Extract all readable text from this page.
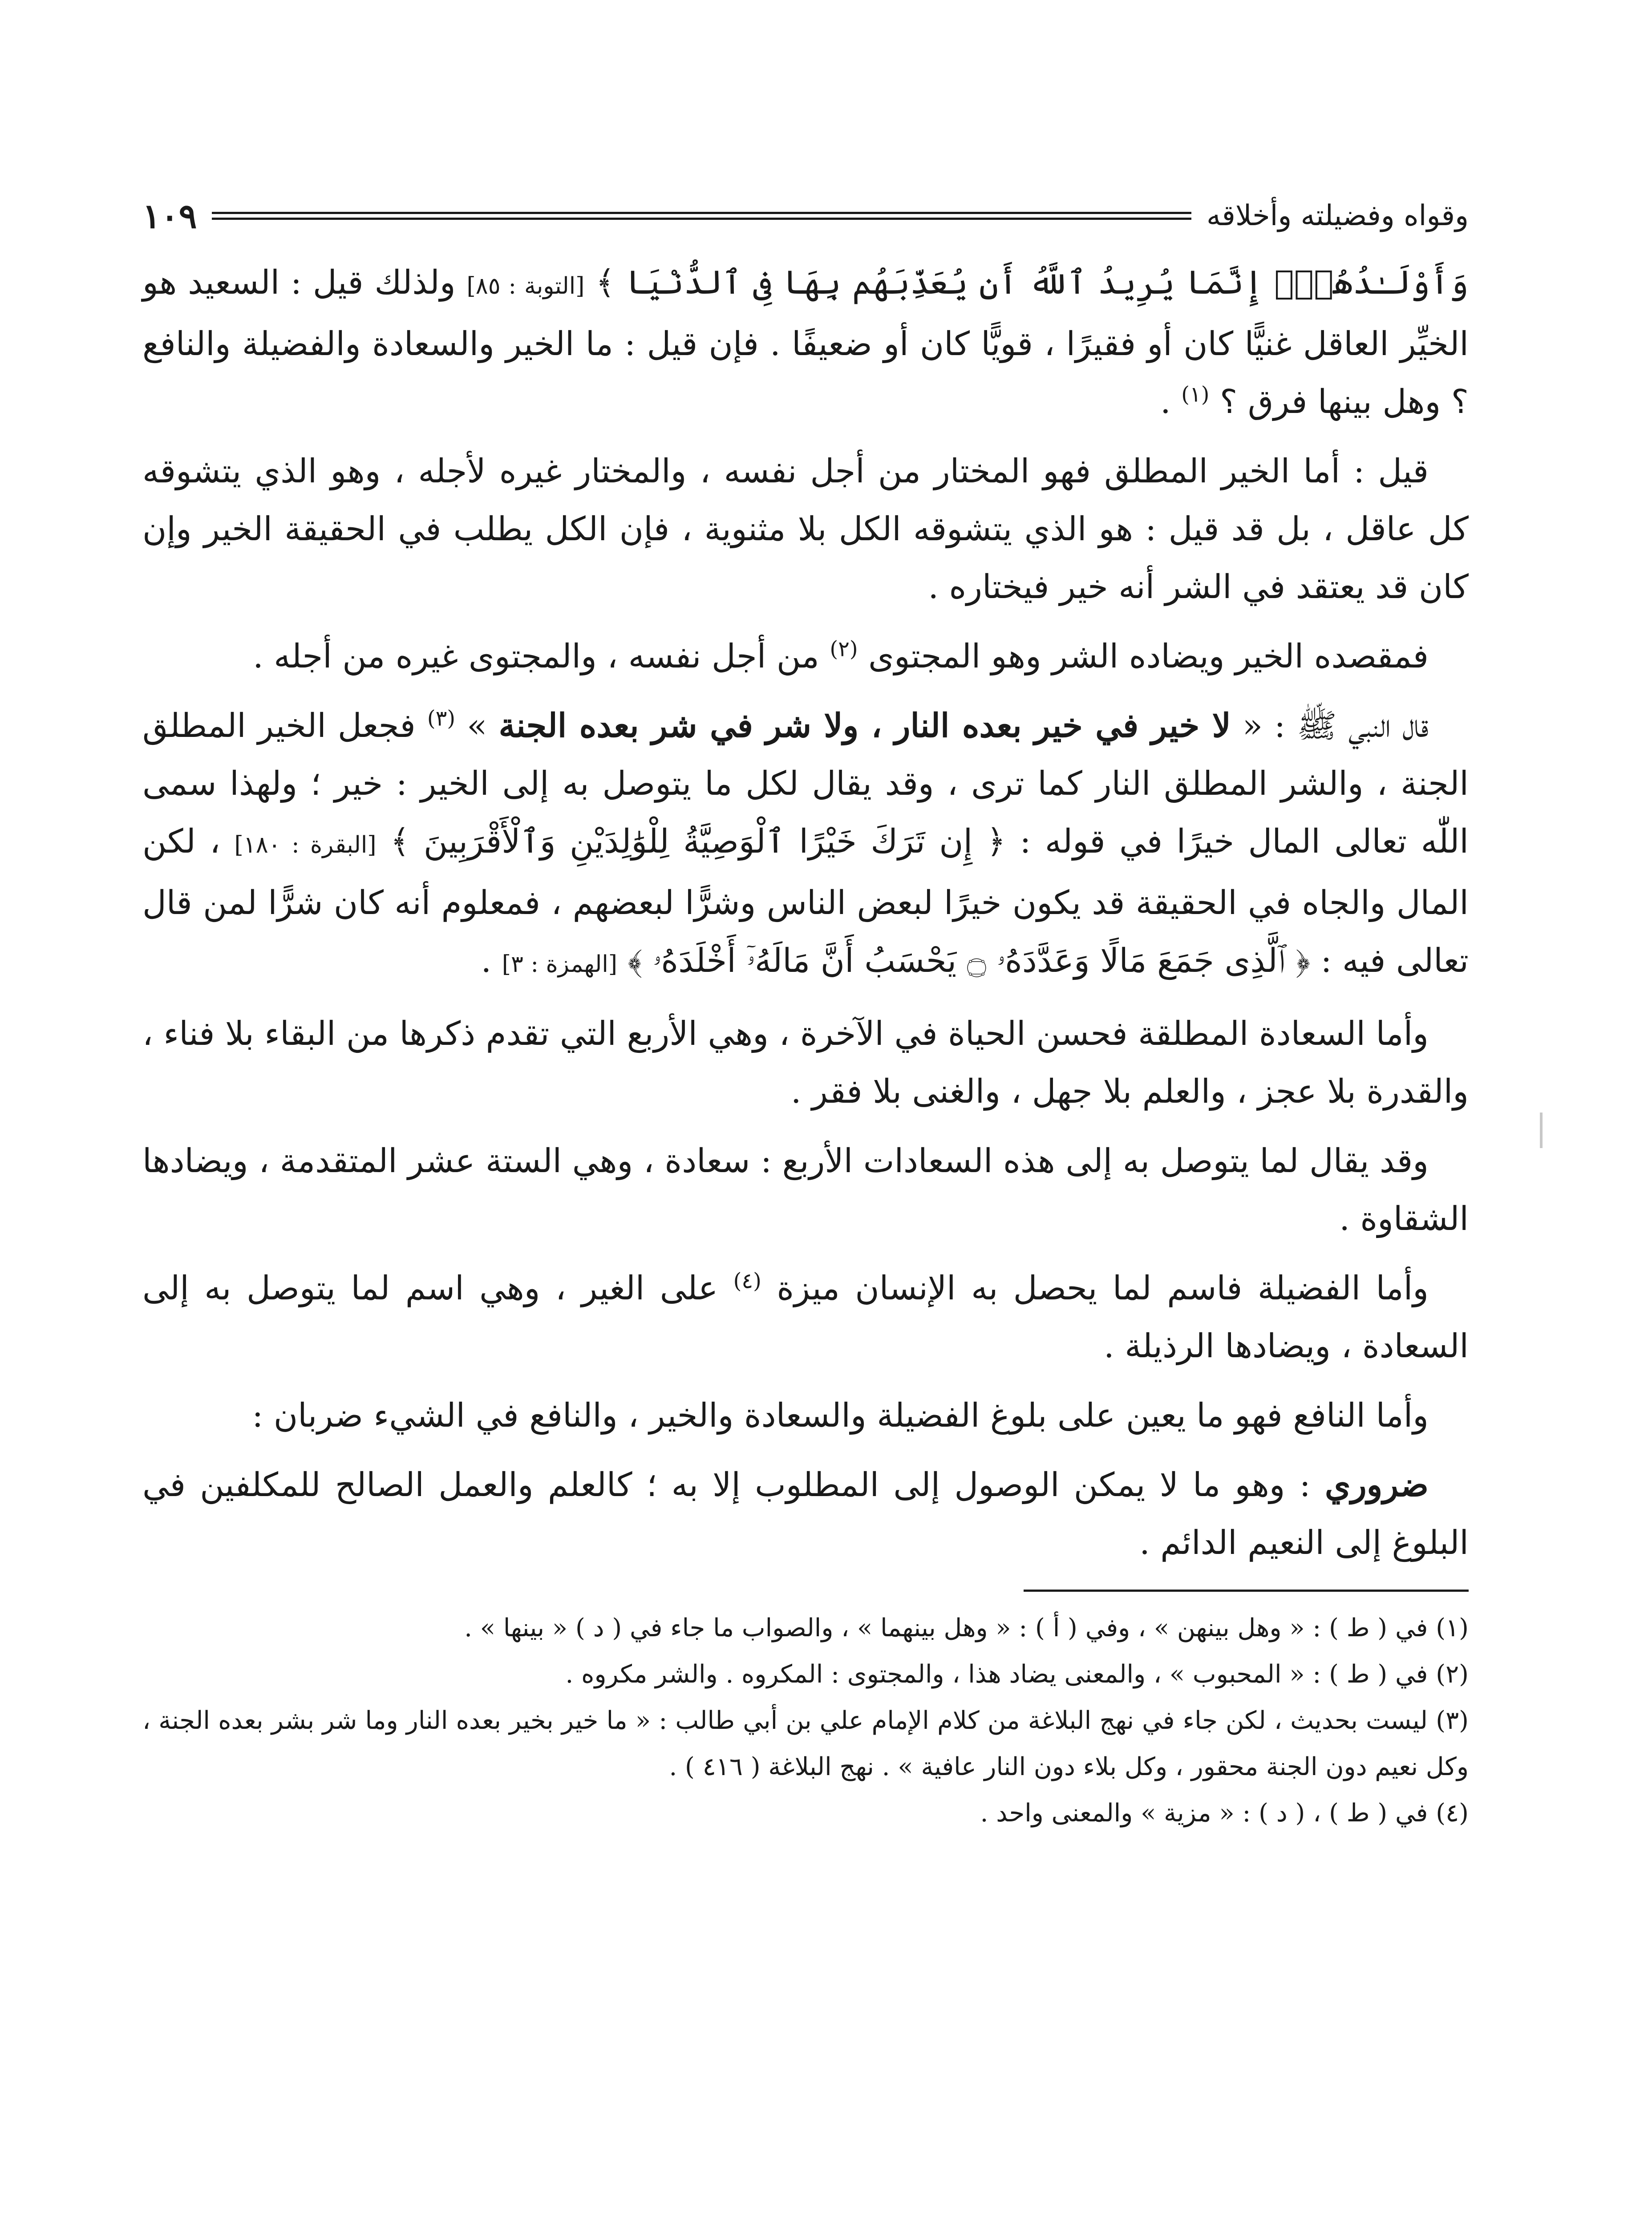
وقواه وفضيلته وأخلاقه
١٠٩

وَأَوْلَـٰدُهُمْۚ إِنَّمَا يُرِيدُ ٱللَّهُ أَن يُعَذِّبَهُم بِهَا فِى ٱلدُّنْيَا ﴾ [التوبة : ٨٥] ولذلك قيل : السعيد هو الخيِّر العاقل غنيًّا كان أو فقيرًا ، قويًّا كان أو ضعيفًا . فإن قيل : ما الخير والسعادة والفضيلة والنافع ؟ وهل بينها فرق ؟ $^{(١)}$ .

قيل : أما الخير المطلق فهو المختار من أجل نفسه ، والمختار غيره لأجله ، وهو الذي يتشوقه كل عاقل ، بل قد قيل : هو الذي يتشوقه الكل بلا مثنوية ، فإن الكل يطلب في الحقيقة الخير وإن كان قد يعتقد في الشر أنه خير فيختاره .

فمقصده الخير ويضاده الشر وهو المجتوى $^{(٢)}$ من أجل نفسه ، والمجتوى غيره من أجله .

قال النبي ﷺ : « لا خير في خير بعده النار ، ولا شر في شر بعده الجنة » $^{(٣)}$ فجعل الخير المطلق الجنة ، والشر المطلق النار كما ترى ، وقد يقال لكل ما يتوصل به إلى الخير : خير ؛ ولهذا سمى اللّٰه تعالى المال خيرًا في قوله : ﴿ إِن تَرَكَ خَيْرًا ٱلْوَصِيَّةُ لِلْوَٰلِدَيْنِ وَٱلْأَقْرَبِينَ ﴾ [البقرة : ١٨٠] ، لكن المال والجاه في الحقيقة قد يكون خيرًا لبعض الناس وشرًّا لبعضهم ، فمعلوم أنه كان شرًّا لمن قال تعالى فيه : ﴿ ٱلَّذِى جَمَعَ مَالًا وَعَدَّدَهُۥ ۝ يَحْسَبُ أَنَّ مَالَهُۥٓ أَخْلَدَهُۥ ﴾ [الهمزة : ٣] .

وأما السعادة المطلقة فحسن الحياة في الآخرة ، وهي الأربع التي تقدم ذكرها من البقاء بلا فناء ، والقدرة بلا عجز ، والعلم بلا جهل ، والغنى بلا فقر .

وقد يقال لما يتوصل به إلى هذه السعادات الأربع : سعادة ، وهي الستة عشر المتقدمة ، ويضادها الشقاوة .

وأما الفضيلة فاسم لما يحصل به الإنسان ميزة $^{(٤)}$ على الغير ، وهي اسم لما يتوصل به إلى السعادة ، ويضادها الرذيلة .

وأما النافع فهو ما يعين على بلوغ الفضيلة والسعادة والخير ، والنافع في الشيء ضربان :

ضروري : وهو ما لا يمكن الوصول إلى المطلوب إلا به ؛ كالعلم والعمل الصالح للمكلفين في البلوغ إلى النعيم الدائم .

(١) في ( ط ) : « وهل بينهن » ، وفي ( أ ) : « وهل بينهما » ، والصواب ما جاء في ( د ) « بينها » .

(٢) في ( ط ) : « المحبوب » ، والمعنى يضاد هذا ، والمجتوى : المكروه . والشر مكروه .

(٣) ليست بحديث ، لكن جاء في نهج البلاغة من كلام الإمام علي بن أبي طالب : « ما خير بخير بعده النار وما شر بشر بعده الجنة ، وكل نعيم دون الجنة محقور ، وكل بلاء دون النار عافية » . نهج البلاغة ( ٤١٦ ) .

(٤) في ( ط ) ، ( د ) : « مزية » والمعنى واحد .
